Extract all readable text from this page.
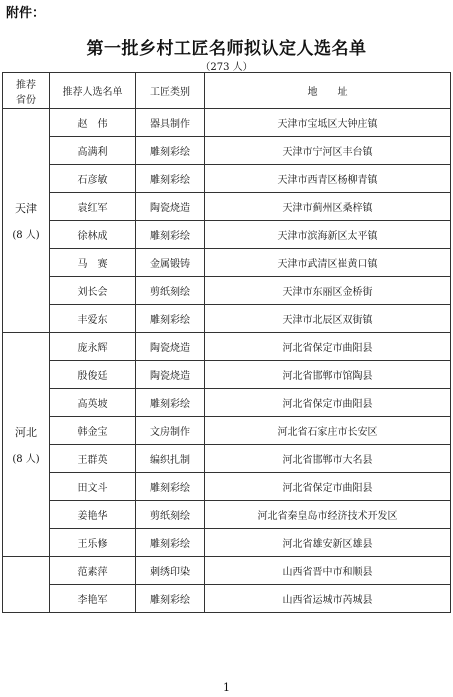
附件：
第一批乡村工匠名师拟认定人选名单
（273 人）
推荐
省份	推荐人选名单	工匠类别	地　　址
天津
(8 人)	赵　伟	器具制作	天津市宝坻区大钟庄镇
	高满利	雕刻彩绘	天津市宁河区丰台镇
	石彦敏	雕刻彩绘	天津市西青区杨柳青镇
	袁红军	陶瓷烧造	天津市蓟州区桑梓镇
	徐林成	雕刻彩绘	天津市滨海新区太平镇
	马　赛	金属锻铸	天津市武清区崔黄口镇
	刘长会	剪纸刻绘	天津市东丽区金桥街
	丰爱东	雕刻彩绘	天津市北辰区双街镇
河北
(8 人)	庞永辉	陶瓷烧造	河北省保定市曲阳县
	殷俊廷	陶瓷烧造	河北省邯郸市馆陶县
	高英坡	雕刻彩绘	河北省保定市曲阳县
	韩金宝	文房制作	河北省石家庄市长安区
	王群英	编织扎制	河北省邯郸市大名县
	田文斗	雕刻彩绘	河北省保定市曲阳县
	姜艳华	剪纸刻绘	河北省秦皇岛市经济技术开发区
	王乐修	雕刻彩绘	河北省雄安新区雄县

	范素萍	刺绣印染	山西省晋中市和顺县
	李艳军	雕刻彩绘	山西省运城市芮城县
1
